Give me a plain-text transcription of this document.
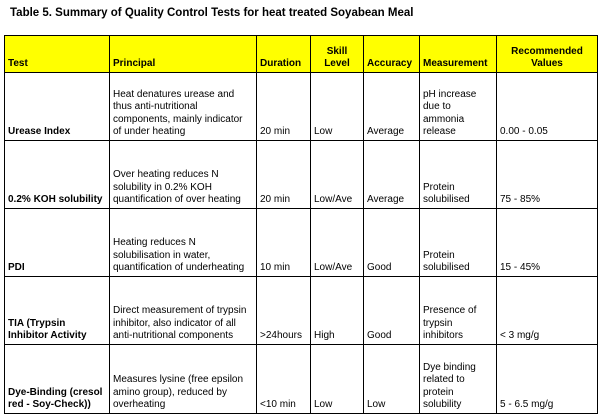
Table 5. Summary of Quality Control Tests for heat treated Soyabean Meal
Test	Principal	Duration	Skill Level	Accuracy	Measurement	Recommended Values
Urease Index	Heat denatures urease and thus anti-nutritional components, mainly indicator of under heating	20 min	Low	Average	pH increase due to ammonia release	0.00 - 0.05
0.2% KOH solubility	Over heating reduces N solubility in 0.2% KOH quantification of over heating	20 min	Low/Ave	Average	Protein solubilised	75 - 85%
PDI	Heating reduces N solubilisation in water, quantification of underheating	10 min	Low/Ave	Good	Protein solubilised	15 - 45%
TIA (Trypsin Inhibitor Activity	Direct measurement of trypsin inhibitor, also indicator of all anti-nutritional components	>24hours	High	Good	Presence of trypsin inhibitors	< 3 mg/g
Dye-Binding (cresol red - Soy-Check))	Measures lysine (free epsilon amino group), reduced by overheating	<10 min	Low	Low	Dye binding related to protein solubility	5 - 6.5 mg/g
